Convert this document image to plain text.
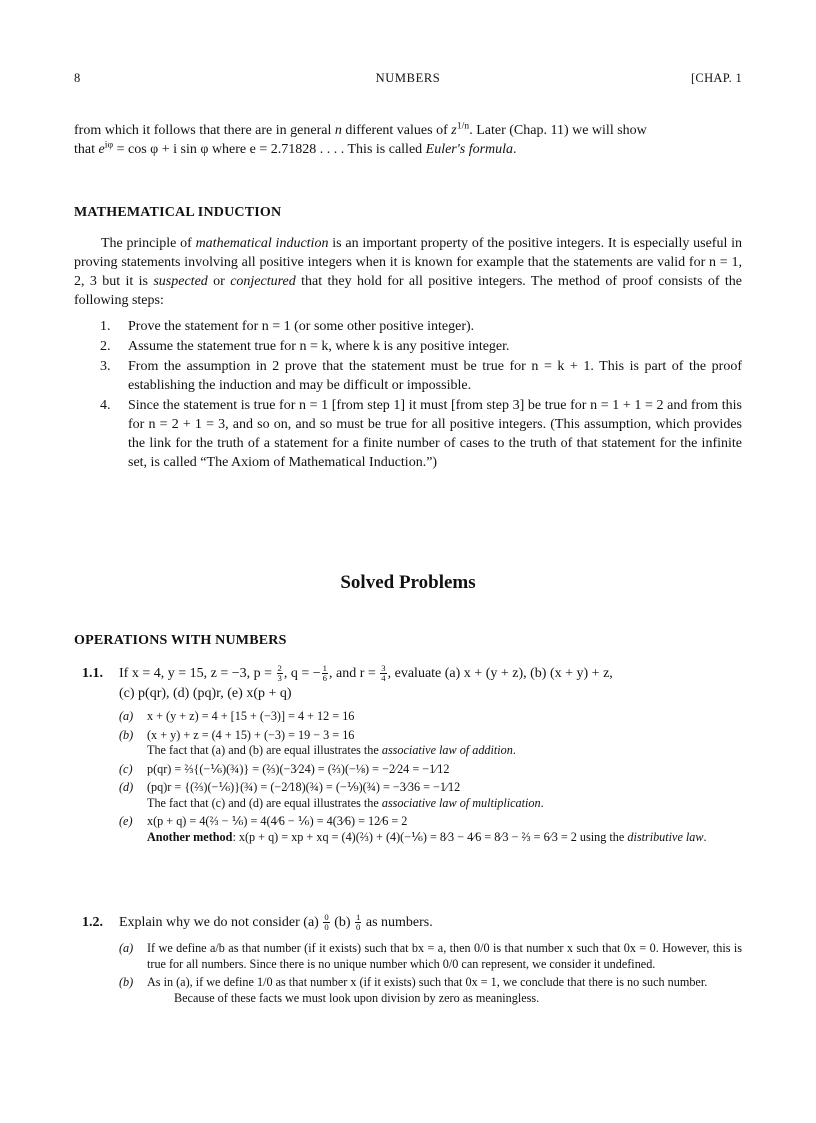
8	NUMBERS	[CHAP. 1

from which it follows that there are in general n different values of $z^{1/n}$. Later (Chap. 11) we will show

that $e^{i\varphi} = \cos \varphi + i$ sin φ where e = 2.71828 . . . . This is called Euler's formula.

MATHEMATICAL INDUCTION

The principle of mathematical induction is an important property of the positive integers. It is especially useful in proving statements involving all positive integers when it is known for example that the statements are valid for n = 1, 2, 3 but it is suspected or conjectured that they hold for all positive integers. The method of proof consists of the following steps:

1. Prove the statement for n = 1 (or some other positive integer).
2. Assume the statement true for n = k, where k is any positive integer.
3. From the assumption in 2 prove that the statement must be true for n = k + 1. This is part of the proof establishing the induction and may be difficult or impossible.
4. Since the statement is true for n = 1 [from step 1] it must [from step 3] be true for n = 1 + 1 = 2 and from this for n = 2 + 1 = 3, and so on, and so must be true for all positive integers. (This assumption, which provides the link for the truth of a statement for a finite number of cases to the truth of that statement for the infinite set, is called “The Axiom of Mathematical Induction.”)
Solved Problems
OPERATIONS WITH NUMBERS
1.1. If x = 4, y = 15, z = −3, $p = \frac{2}{3}$ , q = − $\frac{1}{6}$ , and $r = \frac{3}{4}$ , evaluate (a) x + (y + z), (b) (x + y) + z,
(c) p(qr), (d) (pq)r, (e) x(p + q)
(a) x + (y + z) = 4 + [15 + (−3)] = 4 + 12 = 16
(b) (x + y) + z = (4 + 15) + (−3) = 19 − 3 = 16
The fact that (a) and (b) are equal illustrates the associative law of addition.
(c) p(qr) = ⅔{(−⅙)(¾)} = (⅔)(−3⁄24) = (⅔)(−⅛) = −2⁄24 = −1⁄12
(d) (pq)r = {(⅔)(−⅙)}(¾) = (−2⁄18)(¾) = (−⅑)(¾) = −3⁄36 = −1⁄12
The fact that (c) and (d) are equal illustrates the associative law of multiplication.
(e) x(p + q) = 4(⅔ − ⅙) = 4(4⁄6 − ⅙) = 4(3⁄6) = 12⁄6 = 2
Another method: x(p + q) = xp + xq = (4)(⅔) + (4)(−⅙) = 8⁄3 − 4⁄6 = 8⁄3 − ⅔ = 6⁄3 = 2 using the distributive law.
1.2. Explain why we do not consider $(a) \frac{0}{0} (b) \frac{1}{0}$ as numbers.
(a) If we define a/b as that number (if it exists) such that bx = a, then 0/0 is that number x such that 0x = 0. However, this is true for all numbers. Since there is no unique number which 0/0 can represent, we consider it undefined.
(b) As in (a), if we define 1/0 as that number x (if it exists) such that 0x = 1, we conclude that there is no such number.
Because of these facts we must look upon division by zero as meaningless.
